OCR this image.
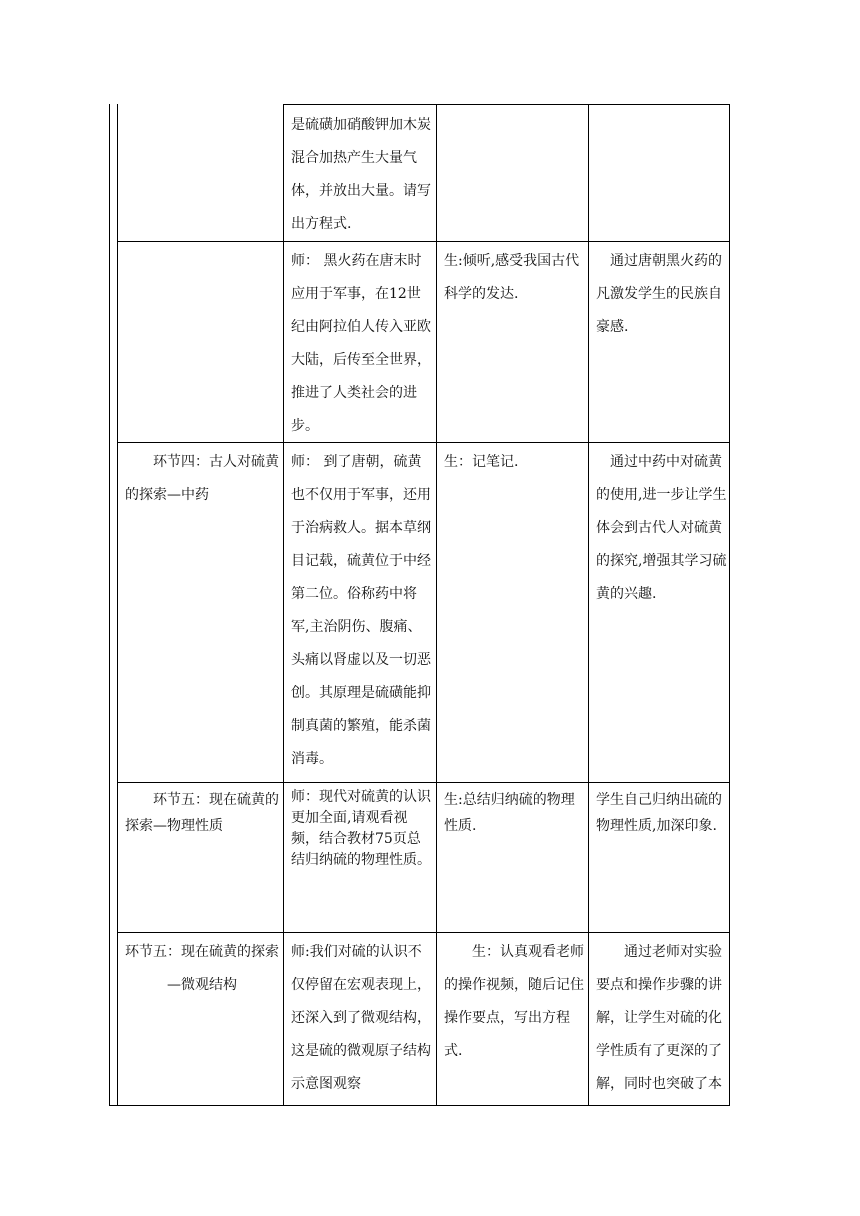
是硫磺加硝酸钾加木炭混合加热产生大量气体，并放出大量。请写出方程式.
师： 黑火药在唐末时应用于军事，在12世纪由阿拉伯人传入亚欧大陆，后传至全世界，推进了人类社会的进步。
生:倾听,感受我国古代科学的发达.
通过唐朝黑火药的凡激发学生的民族自豪感.
环节四：古人对硫黄的探索—中药
师： 到了唐朝，硫黄也不仅用于军事，还用于治病救人。据本草纲目记载，硫黄位于中经第二位。俗称药中将军,主治阴伤、腹痛、头痛以肾虚以及一切恶创。其原理是硫磺能抑制真菌的繁殖，能杀菌消毒。
生：记笔记.	通过中药中对硫黄的使用,进一步让学生体会到古代人对硫黄的探究,增强其学习硫黄的兴趣.
环节五：现在硫黄的探索—物理性质
师：现代对硫黄的认识更加全面,请观看视频，结合教材75页总结归纳硫的物理性质。
生:总结归纳硫的物理性质.
学生自己归纳出硫的物理性质,加深印象.
环节五：现在硫黄的探索—微观结构
师:我们对硫的认识不仅停留在宏观表现上，还深入到了微观结构，这是硫的微观原子结构示意图观察
生：认真观看老师的操作视频，随后记住操作要点，写出方程式.
通过老师对实验要点和操作步骤的讲解，让学生对硫的化学性质有了更深的了解，同时也突破了本
